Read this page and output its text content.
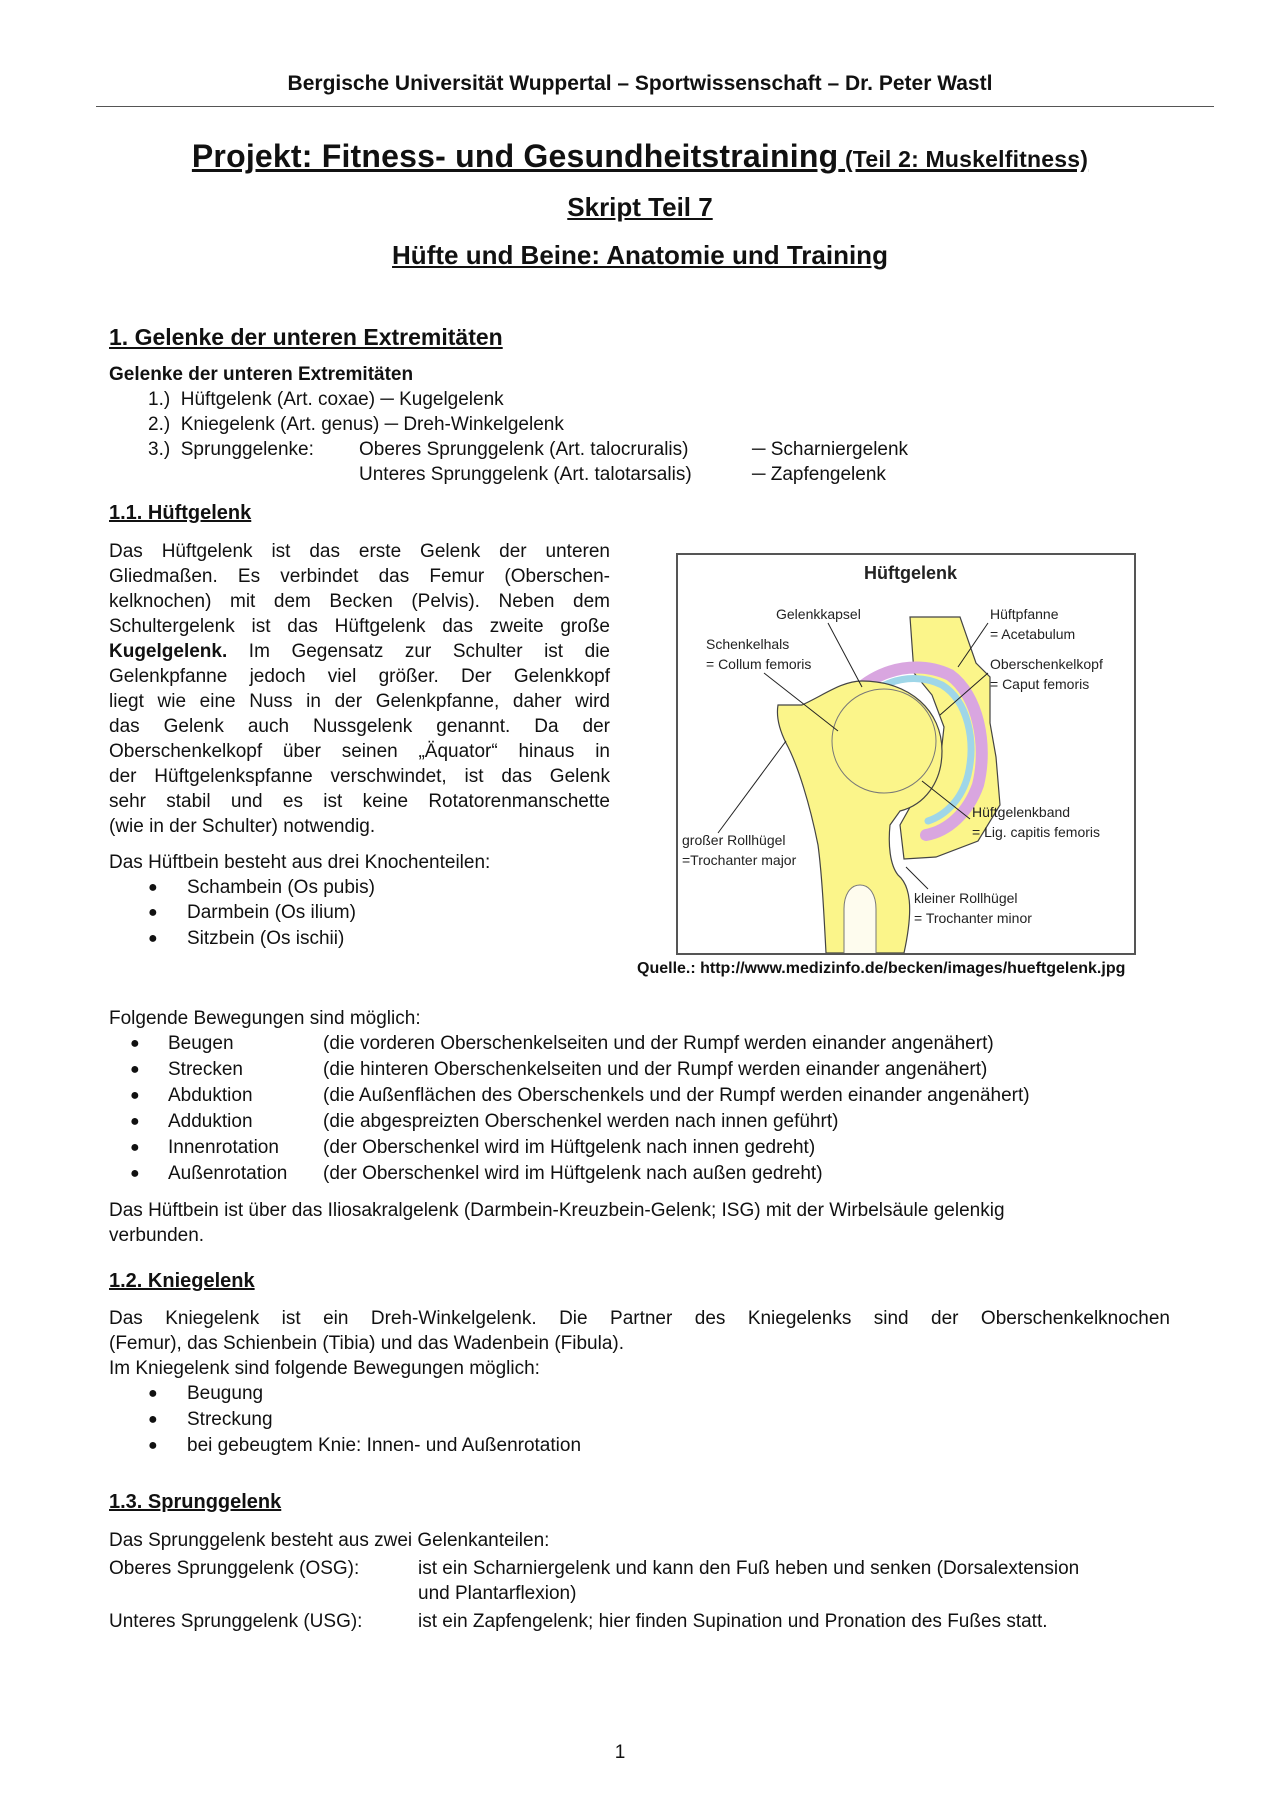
Bergische Universität Wuppertal – Sportwissenschaft – Dr. Peter Wastl
Projekt: Fitness- und Gesundheitstraining (Teil 2: Muskelfitness)
Skript Teil 7
Hüfte und Beine: Anatomie und Training
1. Gelenke der unteren Extremitäten
Gelenke der unteren Extremitäten
1.) Hüftgelenk (Art. coxae) ─ Kugelgelenk
2.) Kniegelenk (Art. genus) ─ Dreh-Winkelgelenk
3.) Sprunggelenke: Oberes Sprunggelenk (Art. talocruralis)	─ Scharniergelenk
Unteres Sprunggelenk (Art. talotarsalis)	─ Zapfengelenk
1.1. Hüftgelenk
Das Hüftgelenk ist das erste Gelenk der unteren
Gliedmaßen. Es verbindet das Femur (Oberschen-
kelknochen) mit dem Becken (Pelvis). Neben dem
Schultergelenk ist das Hüftgelenk das zweite große
Kugelgelenk. Im Gegensatz zur Schulter ist die
Gelenkpfanne jedoch viel größer. Der Gelenkkopf
liegt wie eine Nuss in der Gelenkpfanne, daher wird
das Gelenk auch Nussgelenk genannt. Da der
Oberschenkelkopf über seinen „Äquator“ hinaus in
der Hüftgelenkspfanne verschwindet, ist das Gelenk
sehr stabil und es ist keine Rotatorenmanschette
(wie in der Schulter) notwendig.
Das Hüftbein besteht aus drei Knochenteilen:
● Schambein (Os pubis)
● Darmbein (Os ilium)
● Sitzbein (Os ischii)
Hüftgelenk
Gelenkkapsel
Schenkelhals
= Collum femoris
Hüftpfanne
= Acetabulum
Oberschenkelkopf
= Caput femoris
Hüftgelenkband
= Lig. capitis femoris
großer Rollhügel
=Trochanter major
kleiner Rollhügel
= Trochanter minor
Quelle.: http://www.medizinfo.de/becken/images/hueftgelenk.jpg
Folgende Bewegungen sind möglich:
● Beugen	(die vorderen Oberschenkelseiten und der Rumpf werden einander angenähert)
● Strecken	(die hinteren Oberschenkelseiten und der Rumpf werden einander angenähert)
● Abduktion	(die Außenflächen des Oberschenkels und der Rumpf werden einander angenähert)
● Adduktion	(die abgespreizten Oberschenkel werden nach innen geführt)
● Innenrotation (der Oberschenkel wird im Hüftgelenk nach innen gedreht)
● Außenrotation (der Oberschenkel wird im Hüftgelenk nach außen gedreht)
Das Hüftbein ist über das Iliosakralgelenk (Darmbein-Kreuzbein-Gelenk; ISG) mit der Wirbelsäule gelenkig
verbunden.
1.2. Kniegelenk
Das Kniegelenk ist ein Dreh-Winkelgelenk. Die Partner des Kniegelenks sind der Oberschenkelknochen
(Femur), das Schienbein (Tibia) und das Wadenbein (Fibula).
Im Kniegelenk sind folgende Bewegungen möglich:
● Beugung
● Streckung
● bei gebeugtem Knie: Innen- und Außenrotation
1.3. Sprunggelenk
Das Sprunggelenk besteht aus zwei Gelenkanteilen:
Oberes Sprunggelenk (OSG):	ist ein Scharniergelenk und kann den Fuß heben und senken (Dorsalextension
und Plantarflexion)
Unteres Sprunggelenk (USG):	ist ein Zapfengelenk; hier finden Supination und Pronation des Fußes statt.
1
